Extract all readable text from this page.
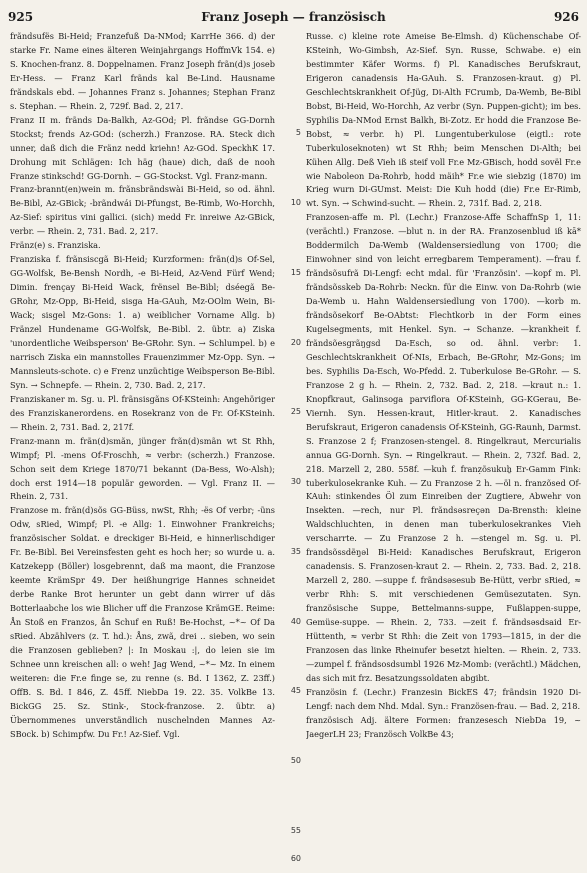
925	Franz Joseph — französisch	926

frãndsufës Bi-Heid; Franzefuß Da-NMod; KarrHe 366. d) der starke Fr. Name eines älteren Weinjahrgangs HoffmVk 154. e) S. Knochen-franz. 8. Doppelnamen. Franz Joseph frãn(d)s joseb Er-Hess. — Franz Karl frãnds kal Be-Lind. Hausname frãndskals ebd. — Johannes Franz s. Johannes; Stephan Franz s. Stephan. — Rhein. 2, 729f. Bad. 2, 217.

Franz II m. frãnds Da-Balkh, Az-GOd; Pl. frãndse GG-Dornh Stockst; frends Az-GOd: (scherzh.) Franzose. RA. Steck dich unner, daß dich die Fränz nedd kriehn! Az-GOd. SpeckhK 17. Drohung mit Schlägen: Ich häg (haue) dich, daß de nooh Franze stinkschd! GG-Dornh. ~ GG-Stockst. Vgl. Franz-mann.

Franz-brannt(en)wein m. frãnsbrãndswài Bi-Heid, so od. ähnl. Be-Bibl, Az-GBick; -brãndwái Di-Pfungst, Be-Rimb, Wo-Horchh, Az-Sief: spiritus vini gallici. (sich) medd Fr. inreiwe Az-GBick, verbr. — Rhein. 2, 731. Bad. 2, 217.

Fränz(e) s. Franziska.

Franziska f. frãnsiscgã Bi-Heid; Kurzformen: frãn(d)s Of-Sel, GG-Wolfsk, Be-Bensh Nordh, -e Bi-Heid, Az-Vend Fürf Wend; Dimin. frençay Bi-Heid Wack, frënsel Be-Bibl; dséegã Be-GRohr, Mz-Opp, Bi-Heid, sisga Ha-GAuh, Mz-OOlm Wein, Bi-Wack; sisgel Mz-Gons: 1. a) weiblicher Vorname Allg. b) Fränzel Hundename GG-Wolfsk, Be-Bibl. 2. übtr. a) Ziska 'unordentliche Weibsperson' Be-GRohr. Syn. → Schlumpel. b) e narrisch Ziska ein mannstolles Frauenzimmer Mz-Opp. Syn. → Mannsleuts-schote. c) e Frenz unzüchtige Weibsperson Be-Bibl. Syn. → Schnepfe. — Rhein. 2, 730. Bad. 2, 217.

Franziskaner m. Sg. u. Pl. frãnsisgãns Of-KSteinh: Angehöriger des Franziskanerordens. en Rosekranz von de Fr. Of-KSteinh. — Rhein. 2, 731. Bad. 2, 217f.

Franz-mann m. frãn(d)smãn, jünger frãn(d)smãn wt St Rhh, Wimpf; Pl. -mens Of-Froschh, ≈ verbr: (scherzh.) Franzose. Schon seit dem Kriege 1870/71 bekannt (Da-Bess, Wo-Alsh); doch erst 1914—18 populär geworden. — Vgl. Franz II. — Rhein. 2, 731.

Franzose m. frãn(d)sõs GG-Büss, nwSt, Rhh; -ës Of verbr; -ũns Odw, sRied, Wimpf; Pl. -e Allg: 1. Einwohner Frankreichs; französischer Soldat. e dreckiger Bi-Heid, e hinnerlischdiger Fr. Be-Bibl. Bei Vereinsfesten geht es hoch her; so wurde u. a. Katzekepp (Böller) losgebrennt, daß ma maont, die Franzose keemte KrämSpr 49. Der heißhungrige Hannes schneidet derbe Ranke Brot herunter un gebt dann wirrer uf däs Botterlaabche los wie Blicher uff die Franzose KrämGE. Reime: Ån Stoß en Franzos, ån Schuf en Ruß! Be-Hochst, ~*~ Of Da sRied. Abzählvers (z. T. hd.): Åns, zwã, drei .. sieben, wo sein die Franzosen geblieben? |: In Moskau :|, do leien sie im Schnee unn kreischen all: o weh! Jag Wend, ~*~ Mz. In einem weiteren: die Fr.e finge se, zu renne (s. Bd. I 1362, Z. 23ff.) OffB. S. Bd. I 846, Z. 45ff. NiebDa 19. 22. 35. VolkBe 13. BickGG 25. Sz. Stink-, Stock-franzose. 2. übtr. a) Übernommenes unverständlich nuschelnden Mannes Az-SBock. b) Schimpfw. Du Fr.! Az-Sief. Vgl.

5
10
15
20
25
30
35
40
45
50
55
60

Russe. c) kleine rote Ameise Be-Elmsh. d) Küchenschabe Of-KSteinh, Wo-Gimbsh, Az-Sief. Syn. Russe, Schwabe. e) ein bestimmter Käfer Worms. f) Pl. Kanadisches Berufskraut, Erigeron canadensis Ha-GAuh. S. Franzosen-kraut. g) Pl. Geschlechtskrankheit Of-Jüg, Di-Alth FCrumb, Da-Wemb, Be-Bibl Bobst, Bi-Heid, Wo-Horchh, Az verbr (Syn. Puppen-gicht); im bes. Syphilis Da-NMod Ernst Balkh, Bi-Zotz. Er hodd die Franzose Be-Bobst, ≈ verbr. h) Pl. Lungentuberkulose (eigtl.: rote Tuberkuloseknoten) wt St Rhh; beim Menschen Di-Alth; bei Kühen Allg. Deß Vieh iß steif voll Fr.e Mz-GBisch, hodd sovël Fr.e wie Naboleon Da-Rohrb, hodd mäih* Fr.e wie siebzig (1870) im Krieg wurn Di-GUmst. Meist: Die Kuh hodd (die) Fr.e Er-Rimb, wt. Syn. → Schwind-sucht. — Rhein. 2, 731f. Bad. 2, 218.

Franzosen-affe m. Pl. (Lechr.) Franzose-Affe SchaffnSp 1, 11: (verächtl.) Franzose. —blut n. in der RA. Franzosenblud iß kā* Boddermilch Da-Wemb (Waldensersiedlung von 1700; die Einwohner sind von leicht erregbarem Temperament). —frau f. frãndsõsufrã Di-Lengf: echt mdal. für 'Französin'. —kopf m. Pl. frãndsõsskeb Da-Rohrb: Neckn. für die Einw. von Da-Rohrb (wie Da-Wemb u. Hahn Waldensersiedlung von 1700). —korb m. frãndsõsekorf Be-OAbtst: Flechtkorb in der Form eines Kugelsegments, mit Henkel. Syn. → Schanze. —krankheit f. frãndsõesgrãŋgsd Da-Esch, so od. ähnl. verbr: 1. Geschlechtskrankheit Of-NIs, Erbach, Be-GRohr, Mz-Gons; im bes. Syphilis Da-Esch, Wo-Pfedd. 2. Tuberkulose Be-GRohr. — S. Franzose 2 g h. — Rhein. 2, 732. Bad. 2, 218. —kraut n.: 1. Knopfkraut, Galinsoga parviflora Of-KSteinh, GG-KGerau, Be-Viernh. Syn. Hessen-kraut, Hitler-kraut. 2. Kanadisches Berufskraut, Erigeron canadensis Of-KSteinh, GG-Raunh, Darmst. S. Franzose 2 f; Franzosen-stengel. 8. Ringelkraut, Mercurialis annua GG-Dornh. Syn. → Ringelkraut. — Rhein. 2, 732f. Bad. 2, 218. Marzell 2, 280. 558f. —kuh f. franẓõsukuẖ Er-Gamm Fink: tuberkulosekranke Kuh. — Zu Franzose 2 h. —öl n. franzõsed Of-KAuh: stinkendes Öl zum Einreiben der Zugtiere, Abwehr von Insekten. —rech, nur Pl. frãndsəsreçən Da-Brensth: kleine Waldschluchten, in denen man tuberkulosekrankes Vieh verscharrte. — Zu Franzose 2 h. —stengel m. Sg. u. Pl. frandsõssdẽŋəl Bi-Heid: Kanadisches Berufskraut, Erigeron canadensis. S. Franzosen-kraut 2. — Rhein. 2, 733. Bad. 2, 218. Marzell 2, 280. —suppe f. frãndsəsesub Be-Hütt, verbr sRied, ≈ verbr Rhh: S. mit verschiedenen Gemüsezutaten. Syn. französische Suppe, Bettelmanns-suppe, Fußlappen-suppe, Gemüse-suppe. — Rhein. 2, 733. —zeit f. frãndsəsdsaid Er-Hüttenth, ≈ verbr St Rhh: die Zeit von 1793—1815, in der die Franzosen das linke Rheinufer besetzt hielten. — Rhein. 2, 733. —zumpel f. frãndsosdsumbl 1926 Mz-Momb: (verächtl.) Mädchen, das sich mit frz. Besatzungssoldaten abgibt.

Französin f. (Lechr.) Franzesin BickES 47; frãndsin 1920 Di-Lengf: nach dem Nhd. Mdal. Syn.: Französen-frau. — Bad. 2, 218.

französisch Adj. ältere Formen: franzesesch NiebDa 19, ~ JaegerLH 23; Französch VolkBe 43;
